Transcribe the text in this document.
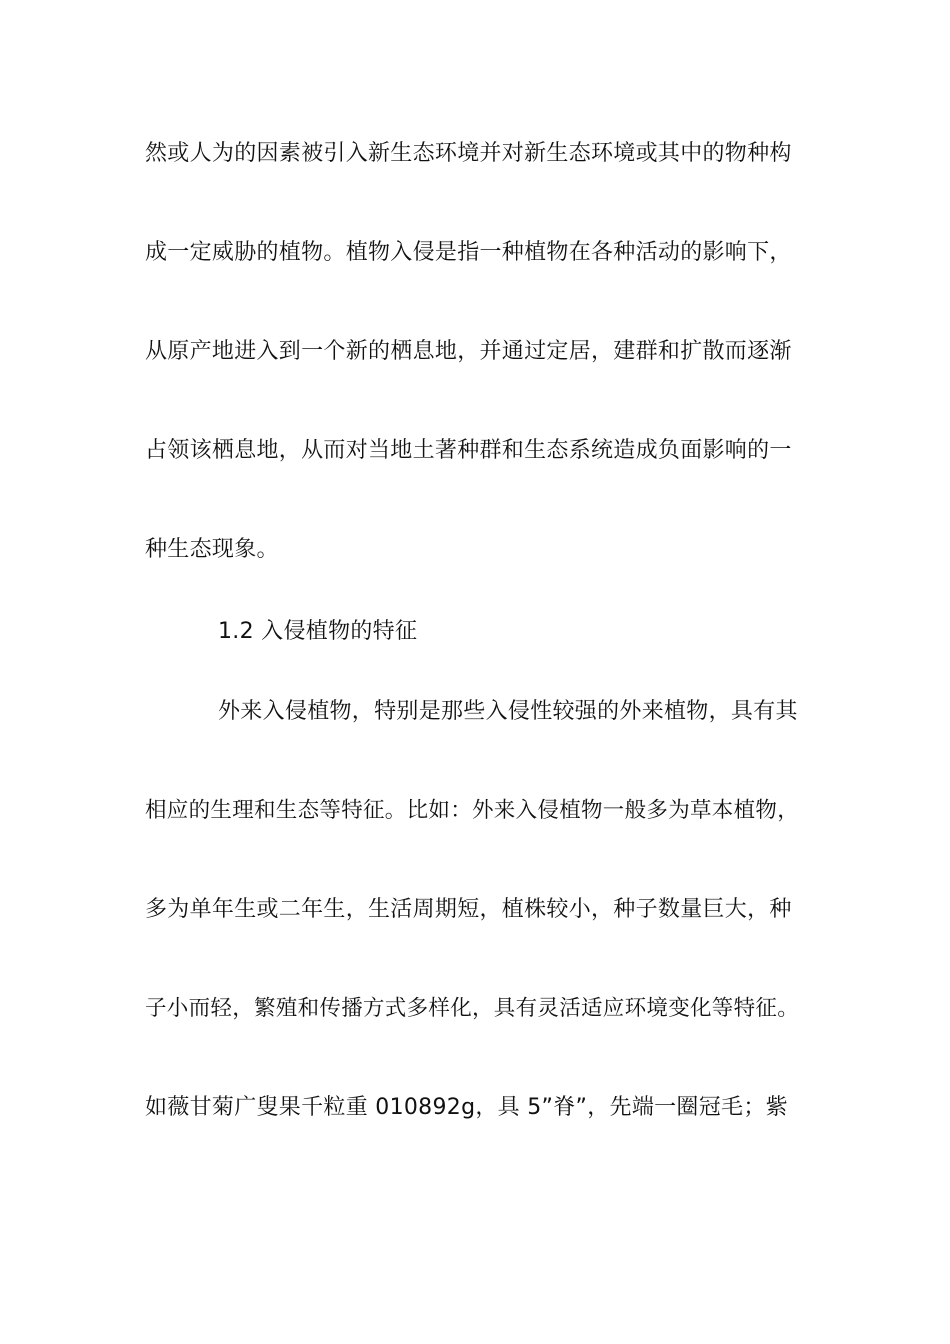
然或人为的因素被引入新生态环境并对新生态环境或其中的物种构
成一定威胁的植物。植物入侵是指一种植物在各种活动的影响下，
从原产地进入到一个新的栖息地，并通过定居，建群和扩散而逐渐
占领该栖息地，从而对当地土著种群和生态系统造成负面影响的一
种生态现象。
1.2 入侵植物的特征
外来入侵植物，特别是那些入侵性较强的外来植物，具有其
相应的生理和生态等特征。比如：外来入侵植物一般多为草本植物，
多为单年生或二年生，生活周期短，植株较小，种子数量巨大，种
子小而轻，繁殖和传播方式多样化，具有灵活适应环境变化等特征。
如薇甘菊广叟果千粒重 010892g，具 5”脊”，先端一圈冠毛；紫
